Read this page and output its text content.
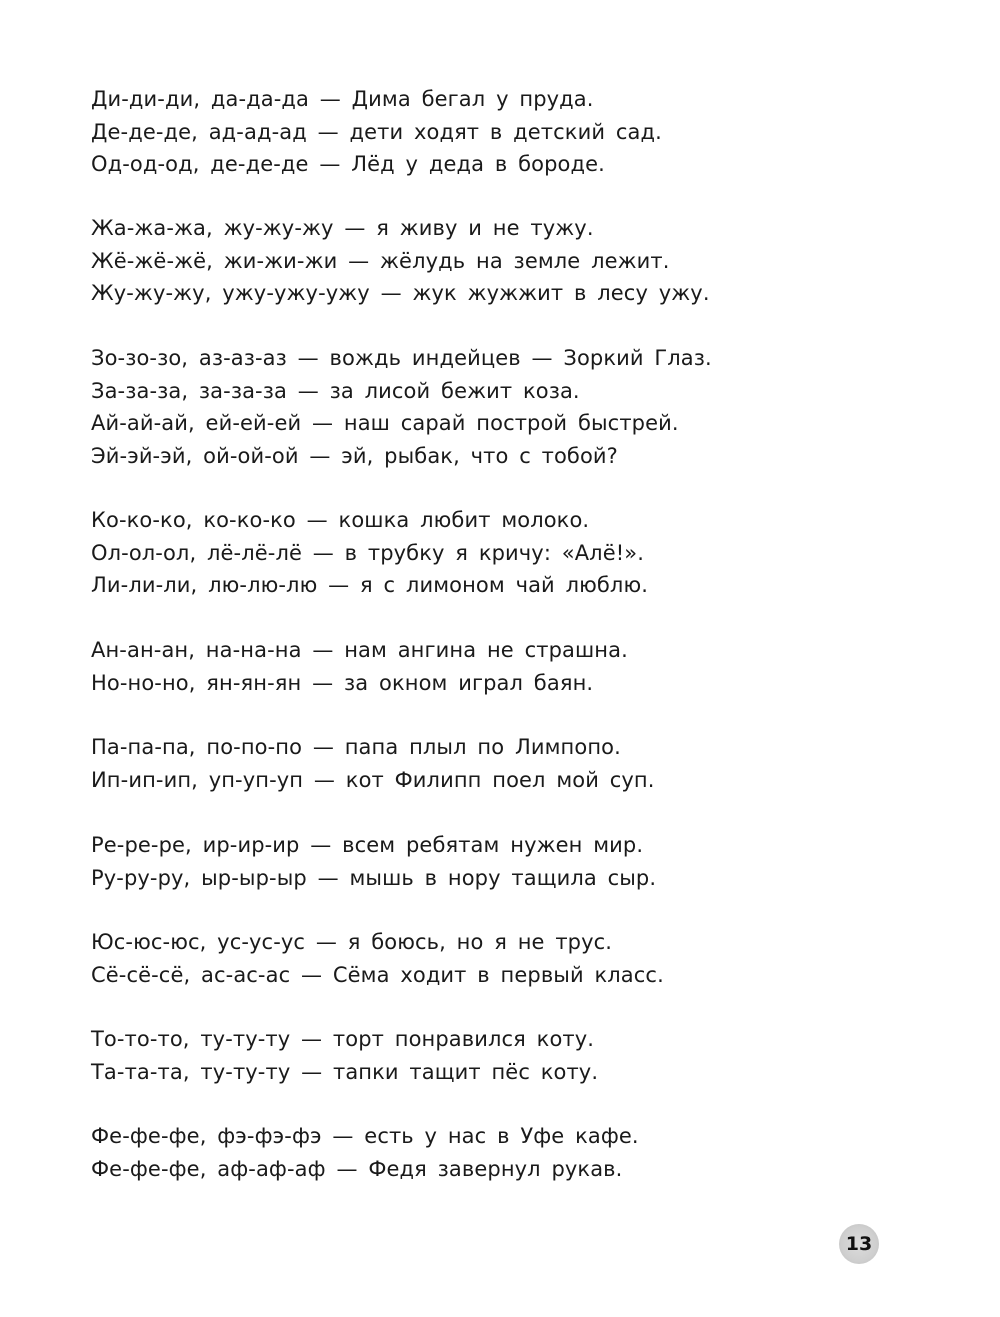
Ди-ди-ди, да-да-да — Дима бегал у пруда.
Де-де-де, ад-ад-ад — дети ходят в детский сад.
Од-од-од, де-де-де — Лёд у деда в бороде.
Жа-жа-жа, жу-жу-жу — я живу и не тужу.
Жё-жё-жё, жи-жи-жи — жёлудь на земле лежит.
Жу-жу-жу, ужу-ужу-ужу — жук жужжит в лесу ужу.
Зо-зо-зо, аз-аз-аз — вождь индейцев — Зоркий Глаз.
За-за-за, за-за-за — за лисой бежит коза.
Ай-ай-ай, ей-ей-ей — наш сарай построй быстрей.
Эй-эй-эй, ой-ой-ой — эй, рыбак, что с тобой?
Ко-ко-ко, ко-ко-ко — кошка любит молоко.
Ол-ол-ол, лё-лё-лё — в трубку я кричу: «Алё!».
Ли-ли-ли, лю-лю-лю — я с лимоном чай люблю.
Ан-ан-ан, на-на-на — нам ангина не страшна.
Но-но-но, ян-ян-ян — за окном играл баян.
Па-па-па, по-по-по — папа плыл по Лимпопо.
Ип-ип-ип, уп-уп-уп — кот Филипп поел мой суп.
Ре-ре-ре, ир-ир-ир — всем ребятам нужен мир.
Ру-ру-ру, ыр-ыр-ыр — мышь в нору тащила сыр.
Юс-юс-юс, ус-ус-ус — я боюсь, но я не трус.
Сё-сё-сё, ас-ас-ас — Сёма ходит в первый класс.
То-то-то, ту-ту-ту — торт понравился коту.
Та-та-та, ту-ту-ту — тапки тащит пёс коту.
Фе-фе-фе, фэ-фэ-фэ — есть у нас в Уфе кафе.
Фе-фе-фе, аф-аф-аф — Федя завернул рукав.
13
